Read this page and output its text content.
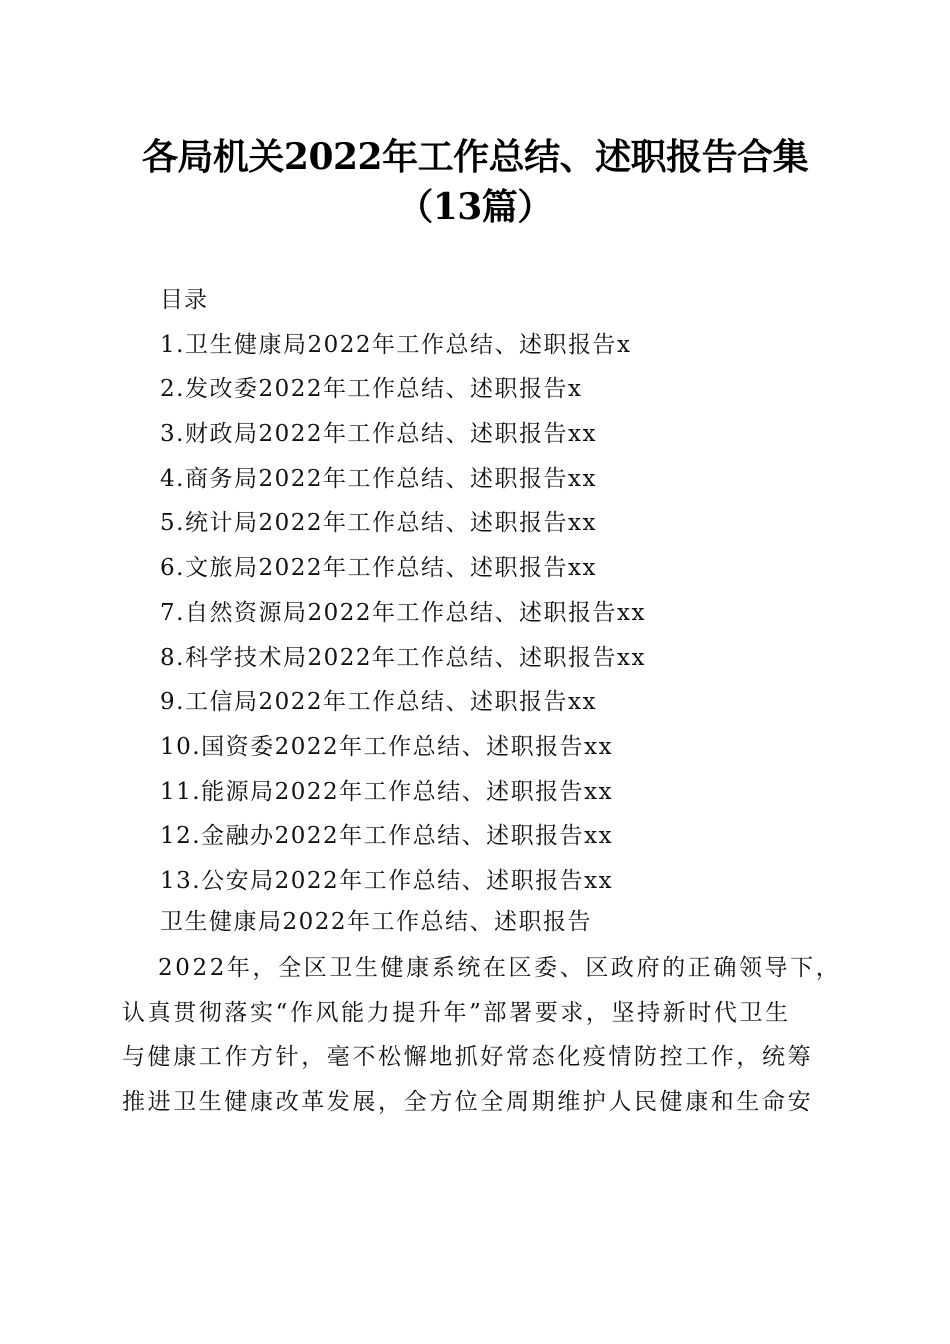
各局机关2022年工作总结、述职报告合集
（13篇）
目录
1.卫生健康局2022年工作总结、述职报告x
2.发改委2022年工作总结、述职报告x
3.财政局2022年工作总结、述职报告xx
4.商务局2022年工作总结、述职报告xx
5.统计局2022年工作总结、述职报告xx
6.文旅局2022年工作总结、述职报告xx
7.自然资源局2022年工作总结、述职报告xx
8.科学技术局2022年工作总结、述职报告xx
9.工信局2022年工作总结、述职报告xx
10.国资委2022年工作总结、述职报告xx
11.能源局2022年工作总结、述职报告xx
12.金融办2022年工作总结、述职报告xx
13.公安局2022年工作总结、述职报告xx
卫生健康局2022年工作总结、述职报告
2022年，全区卫生健康系统在区委、区政府的正确领导下，
认真贯彻落实“作风能力提升年”部署要求，坚持新时代卫生
与健康工作方针，毫不松懈地抓好常态化疫情防控工作，统筹
推进卫生健康改革发展，全方位全周期维护人民健康和生命安
